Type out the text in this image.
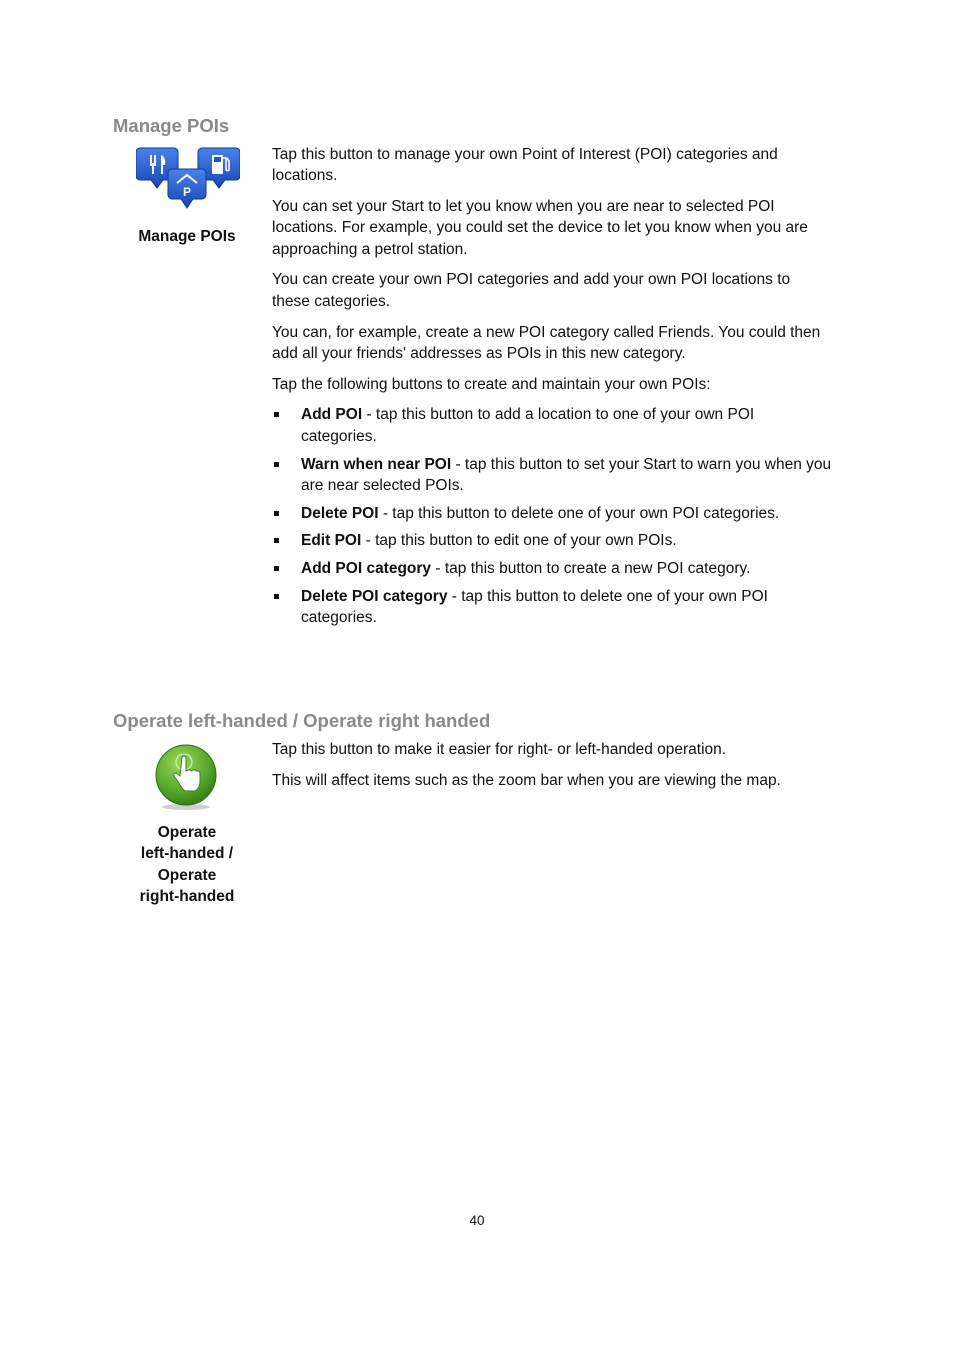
Manage POIs
P
Manage POIs

Tap this button to manage your own Point of Interest (POI) categories and locations.

You can set your Start to let you know when you are near to selected POI locations. For example, you could set the device to let you know when you are approaching a petrol station.

You can create your own POI categories and add your own POI locations to these categories.

You can, for example, create a new POI category called Friends. You could then add all your friends' addresses as POIs in this new category.

Tap the following buttons to create and maintain your own POIs:

Add POI - tap this button to add a location to one of your own POI categories.
Warn when near POI - tap this button to set your Start to warn you when you are near selected POIs.
Delete POI - tap this button to delete one of your own POI categories.
Edit POI - tap this button to edit one of your own POIs.
Add POI category - tap this button to create a new POI category.
Delete POI category - tap this button to delete one of your own POI categories.
Operate left-handed / Operate right handed
Operate
left-handed /
Operate
right-handed

Tap this button to make it easier for right- or left-handed operation.

This will affect items such as the zoom bar when you are viewing the map.

40
